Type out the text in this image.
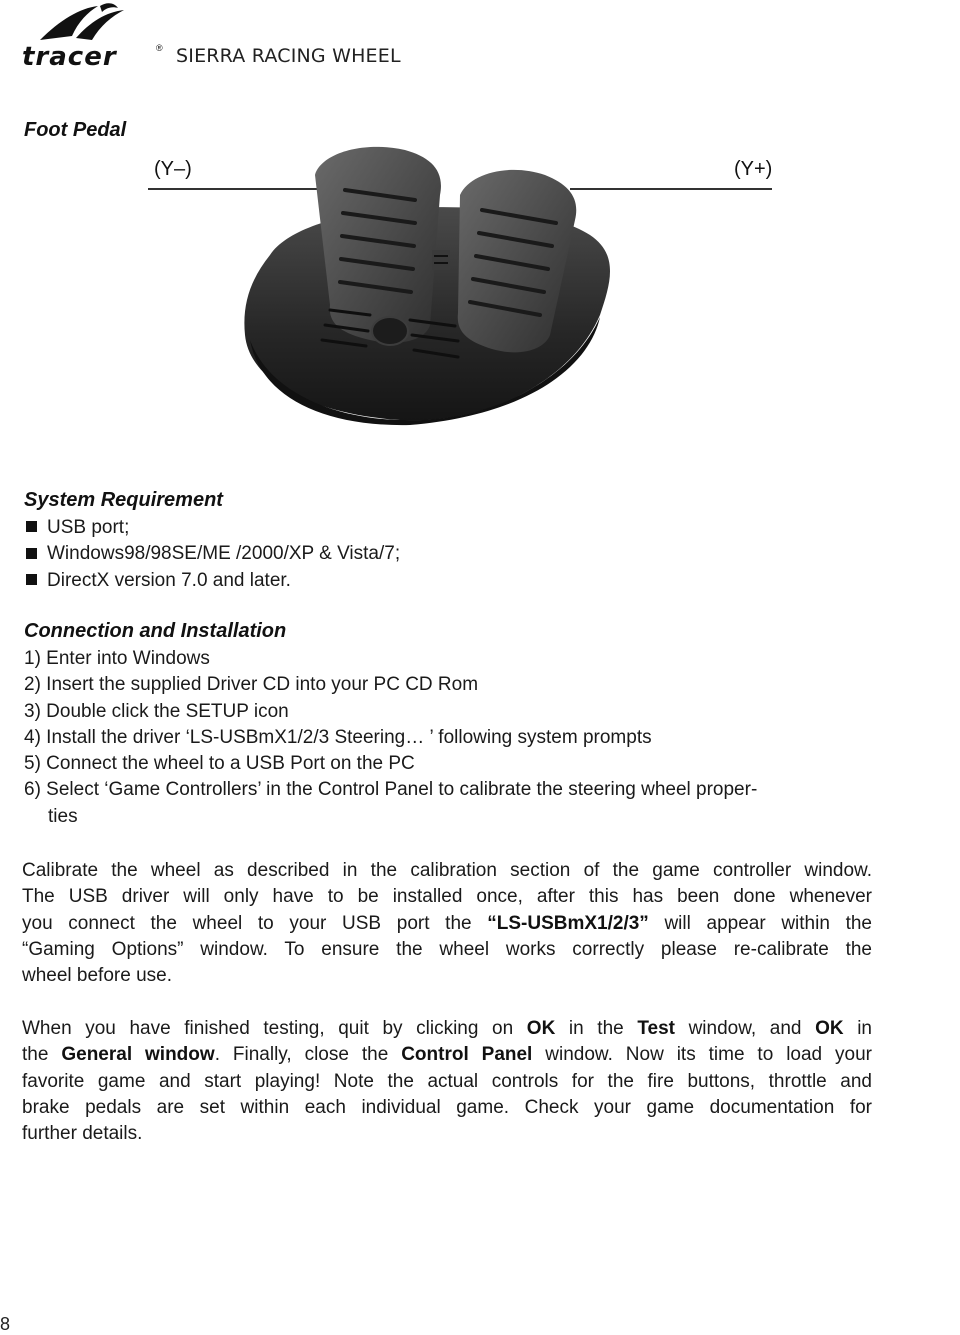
tracer	® SIERRA RACING WHEEL
Foot Pedal
(Y–)	(Y+)
System Requirement
USB port;
Windows98/98SE/ME /2000/XP & Vista/7;
DirectX version 7.0 and later.
Connection and Installation
1) Enter into Windows
2) Insert the supplied Driver CD into your PC CD Rom
3) Double click the SETUP icon
4) Install the driver ‘LS-USBmX1/2/3 Steering… ’ following system prompts
5) Connect the wheel to a USB Port on the PC
6) Select ‘Game Controllers’ in the Control Panel to calibrate the steering wheel proper-
ties
Calibrate the wheel as described in the calibration section of the game controller window.
The USB driver will only have to be installed once, after this has been done whenever
you connect the wheel to your USB port the “LS-USBmX1/2/3” will appear within the
“Gaming Options” window. To ensure the wheel works correctly please re-calibrate the
wheel before use.
When you have finished testing, quit by clicking on OK in the Test window, and OK in
the General window. Finally, close the Control Panel window. Now its time to load your
favorite game and start playing! Note the actual controls for the fire buttons, throttle and
brake pedals are set within each individual game. Check your game documentation for
further details.
8
